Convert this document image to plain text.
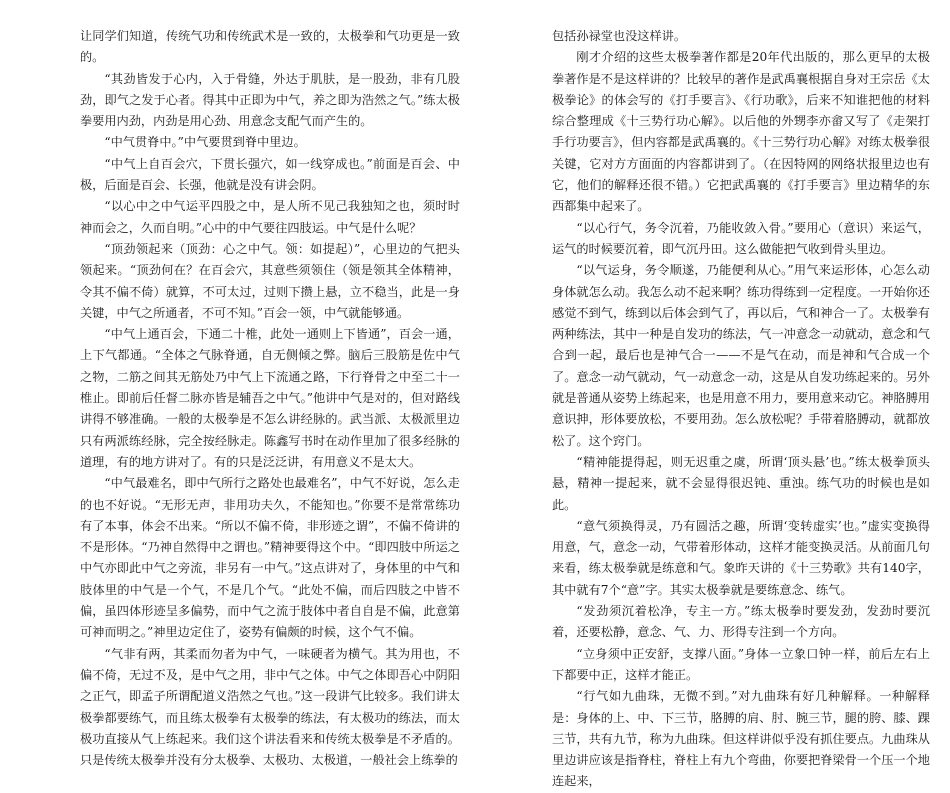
让同学们知道，传统气功和传统武术是一致的，太极拳和气功更是一致的。

“其劲皆发于心内，入于骨缝，外达于肌肤，是一股劲，非有几股劲，即气之发于心者。得其中正即为中气，养之即为浩然之气。”练太极拳要用内劲，内劲是用心劲、用意念支配气而产生的。

“中气贯脊中。”中气要贯到脊中里边。

“中气上自百会穴，下贯长强穴，如一线穿成也。”前面是百会、中极，后面是百会、长强，他就是没有讲会阴。

“以心中之中气运平四股之中，是人所不见己我独知之也，须时时神而会之，久而自明。”心中的中气要往四肢运。中气是什么呢？

“顶劲领起来（顶劲：心之中气。领：如提起）”，心里边的气把头领起来。“顶劲何在？在百会穴，其意些须领住（领是领其全体精神，令其不偏不倚）就算，不可太过，过则下攒上悬，立不稳当，此是一身关键，中气之所通者，不可不知。”百会一领，中气就能够通。

“中气上通百会，下通二十椎，此处一通则上下皆通”，百会一通，上下气都通。“全体之气脉脊通，自无侧倾之弊。脑后三股筋是佐中气之物，二筋之间其无筋处乃中气上下流通之路，下行脊骨之中至二十一椎止。即前后任督二脉亦皆是辅吾之中气。”他讲中气是对的，但对路线讲得不够准确。一般的太极拳是不怎么讲经脉的。武当派、太极派里边只有两派练经脉，完全按经脉走。陈鑫写书时在动作里加了很多经脉的道理，有的地方讲对了。有的只是泛泛讲，有用意义不是太大。

“中气最难名，即中气所行之路处也最难名”，中气不好说，怎么走的也不好说。“无形无声，非用功夫久，不能知也。”你要不是常常练功有了本事，体会不出来。“所以不偏不倚，非形迹之谓”，不偏不倚讲的不是形体。“乃神自然得中之谓也。”精神要得这个中。“即四肢中所运之中气亦即此中气之旁流，非另有一中气。”这点讲对了，身体里的中气和肢体里的中气是一个气，不是几个气。“此处不偏，而后四肢之中皆不偏，虽四体形迹呈多偏势，而中气之流于肢体中者自自是不偏，此意第可神而明之。”神里边定住了，姿势有偏颇的时候，这个气不偏。

“气非有两，其柔而勿者为中气，一味硬者为横气。其为用也，不偏不倚，无过不及，是中气之用，非中气之体。中气之体即吾心中阴阳之正气，即孟子所谓配道义浩然之气也。”这一段讲气比较多。我们讲太极拳都要练气，而且练太极拳有太极拳的练法，有太极功的练法，而太极功直接从气上练起来。我们这个讲法看来和传统太极拳是不矛盾的。只是传统太极拳并没有分太极拳、太极功、太极道，一般社会上练拳的

包括孙禄堂也没这样讲。

刚才介绍的这些太极拳著作都是20年代出版的，那么更早的太极拳著作是不是这样讲的？比较早的著作是武禹襄根据自身对王宗岳《太极拳论》的体会写的《打手要言》、《行功歌》，后来不知谁把他的材料综合整理成《十三势行功心解》。以后他的外甥李亦畲又写了《走架打手行功要言》，但内容都是武禹襄的。《十三势行功心解》对练太极拳很关键，它对方方面面的内容都讲到了。（在因特网的网络状报里边也有它，他们的解释还很不错。）它把武禹襄的《打手要言》里边精华的东西都集中起来了。

“以心行气，务令沉着，乃能收敛入骨。”要用心（意识）来运气，运气的时候要沉着，即气沉丹田。这么做能把气收到骨头里边。

“以气运身，务令顺遂，乃能便利从心。”用气来运形体，心怎么动身体就怎么动。我怎么动不起来啊？练功得练到一定程度。一开始你还感觉不到气，练到以后体会到气了，再以后，气和神合一了。太极拳有两种练法，其中一种是自发功的练法，气一冲意念一动就动，意念和气合到一起，最后也是神气合一——不是气在动，而是神和气合成一个了。意念一动气就动，气一动意念一动，这是从自发功练起来的。另外就是普通从姿势上练起来，也是用意不用力，要用意来动它。神胳膊用意识抻，形体要放松，不要用劲。怎么放松呢？手带着胳膊动，就都放松了。这个窍门。

“精神能提得起，则无迟重之虞，所谓‘顶头悬’也。”练太极拳顶头悬，精神一提起来，就不会显得很迟钝、重浊。练气功的时候也是如此。

“意气须换得灵，乃有圆活之趣，所谓‘变转虚实’也。”虚实变换得用意，气，意念一动，气带着形体动，这样才能变换灵活。从前面几句来看，练太极拳就是练意和气。象昨天讲的《十三势歌》共有140字，其中就有7个“意”字。其实太极拳就是要练意念、练气。

“发劲须沉着松净，专主一方。”练太极拳时要发劲，发劲时要沉着，还要松静，意念、气、力、形得专注到一个方向。

“立身须中正安舒，支撑八面。”身体一立象口钟一样，前后左右上下都要中正，这样才能正。

“行气如九曲珠，无微不到。”对九曲珠有好几种解释。一种解释是：身体的上、中、下三节，胳膊的肩、肘、腕三节，腿的胯、膝、踝三节，共有九节，称为九曲珠。但这样讲似乎没有抓住要点。九曲珠从里边讲应该是指脊柱，脊柱上有九个弯曲，你要把脊梁骨一个压一个地连起来，
